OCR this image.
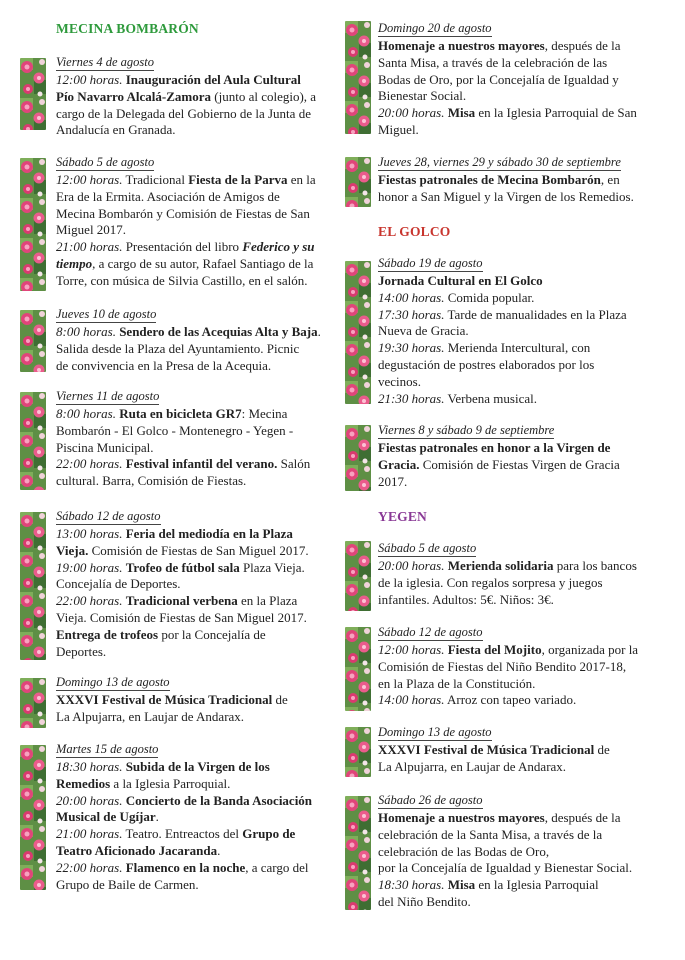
MECINA BOMBARÓN
Viernes 4 de agosto

12:00 horas. Inauguración del Aula Cultural

Pío Navarro Alcalá-Zamora (junto al colegio), a

cargo de la Delegada del Gobierno de la Junta de

Andalucía en Granada.

Sábado 5 de agosto

12:00 horas. Tradicional Fiesta de la Parva en la

Era de la Ermita. Asociación de Amigos de

Mecina Bombarón y Comisión de Fiestas de San

Miguel 2017.

21:00 horas. Presentación del libro Federico y su

tiempo, a cargo de su autor, Rafael Santiago de la

Torre, con música de Silvia Castillo, en el salón.

Jueves 10 de agosto

8:00 horas. Sendero de las Acequias Alta y Baja.

Salida desde la Plaza del Ayuntamiento. Picnic

de convivencia en la Presa de la Acequia.

Viernes 11 de agosto

8:00 horas. Ruta en bicicleta GR7: Mecina

Bombarón - El Golco - Montenegro - Yegen -

Piscina Municipal.

22:00 horas. Festival infantil del verano. Salón

cultural. Barra, Comisión de Fiestas.

Sábado 12 de agosto

13:00 horas. Feria del mediodía en la Plaza

Vieja. Comisión de Fiestas de San Miguel 2017.

19:00 horas. Trofeo de fútbol sala Plaza Vieja.

Concejalía de Deportes.

22:00 horas. Tradicional verbena en la Plaza

Vieja. Comisión de Fiestas de San Miguel 2017.

Entrega de trofeos por la Concejalía de

Deportes.

Domingo 13 de agosto

XXXVI Festival de Música Tradicional de

La Alpujarra, en Laujar de Andarax.

Martes 15 de agosto

18:30 horas. Subida de la Virgen de los

Remedios a la Iglesia Parroquial.

20:00 horas. Concierto de la Banda Asociación

Musical de Ugíjar.

21:00 horas. Teatro. Entreactos del Grupo de

Teatro Aficionado Jacaranda.

22:00 horas. Flamenco en la noche, a cargo del

Grupo de Baile de Carmen.

Domingo 20 de agosto

Homenaje a nuestros mayores, después de la

Santa Misa, a través de la celebración de las

Bodas de Oro, por la Concejalía de Igualdad y

Bienestar Social.

20:00 horas. Misa en la Iglesia Parroquial de San

Miguel.

Jueves 28, viernes 29 y sábado 30 de septiembre

Fiestas patronales de Mecina Bombarón, en

honor a San Miguel y la Virgen de los Remedios.

EL GOLCO
Sábado 19 de agosto

Jornada Cultural en El Golco

14:00 horas. Comida popular.

17:30 horas. Tarde de manualidades en la Plaza

Nueva de Gracia.

19:30 horas. Merienda Intercultural, con

degustación de postres elaborados por los

vecinos.

21:30 horas. Verbena musical.

Viernes 8 y sábado 9 de septiembre

Fiestas patronales en honor a la Virgen de

Gracia. Comisión de Fiestas Virgen de Gracia

2017.

YEGEN
Sábado 5 de agosto

20:00 horas. Merienda solidaria para los bancos

de la iglesia. Con regalos sorpresa y juegos

infantiles. Adultos: 5€. Niños: 3€.

Sábado 12 de agosto

12:00 horas. Fiesta del Mojito, organizada por la

Comisión de Fiestas del Niño Bendito 2017-18,

en la Plaza de la Constitución.

14:00 horas. Arroz con tapeo variado.

Domingo 13 de agosto

XXXVI Festival de Música Tradicional de

La Alpujarra, en Laujar de Andarax.

Sábado 26 de agosto

Homenaje a nuestros mayores, después de la

celebración de la Santa Misa, a través de la

celebración de las Bodas de Oro,

por la Concejalía de Igualdad y Bienestar Social.

18:30 horas. Misa en la Iglesia Parroquial

del Niño Bendito.
